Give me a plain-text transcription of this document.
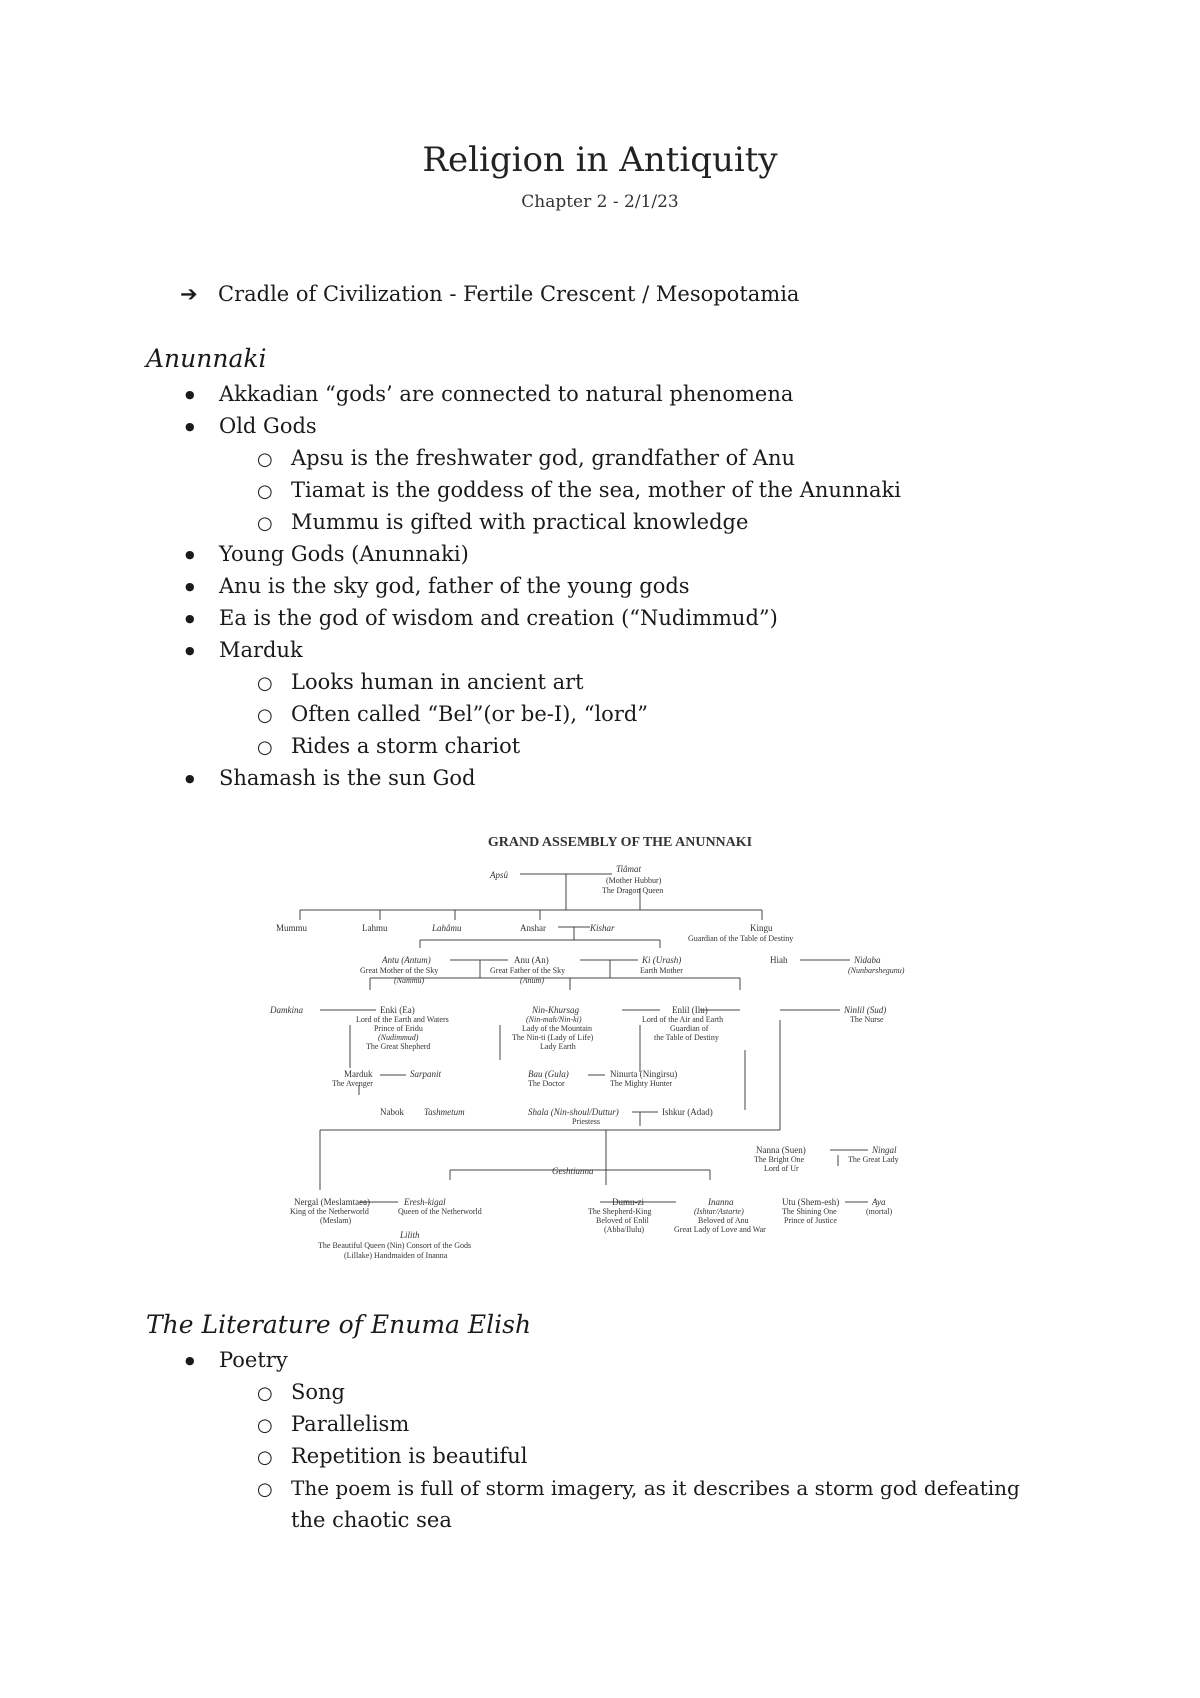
Religion in Antiquity
Chapter 2 - 2/1/23
➔ Cradle of Civilization - Fertile Crescent / Mesopotamia
Anunnaki
●Akkadian “gods’ are connected to natural phenomena
●Old Gods
○Apsu is the freshwater god, grandfather of Anu
○Tiamat is the goddess of the sea, mother of the Anunnaki
○Mummu is gifted with practical knowledge
●Young Gods (Anunnaki)
●Anu is the sky god, father of the young gods
●Ea is the god of wisdom and creation (“Nudimmud”)
●Marduk
○Looks human in ancient art
○Often called “Bel”(or be-I), “lord”
○Rides a storm chariot
●Shamash is the sun God
GRAND ASSEMBLY OF THE ANUNNAKI
Apsû
Tiâmat
(Mother Hubbur)
The Dragon Queen
Mummu	Lahmu	Lahâmu	Anshar	Kishar	Kingu
Guardian of the Table of Destiny
Antu (Antum)
Great Mother of the Sky
(Nammu)
Anu (An)
Great Father of the Sky
(Anum)
Ki (Urash)
Earth Mother
Hiah	Nidaba
(Nunbarshegunu)
Damkina	Enki (Ea)
Lord of the Earth and Waters
Prince of Eridu
(Nudimmud)
The Great Shepherd
Nin-Khursag
(Nin-mah/Nin-ki)
Lady of the Mountain
The Nin-ti (Lady of Life)
Lady Earth
Enlil (Ilu)
Lord of the Air and Earth
Guardian of
the Table of Destiny
Ninlil (Sud)
The Nurse
Marduk
The Avenger
Sarpanit	Bau (Gula)
The Doctor
Ninurta (Ningirsu)
The Mighty Hunter
Nabok Tashmetum	Shala (Nin-shoul/Duttur)
Priestess
Ishkur (Adad)
Nanna (Suen)
The Bright One
Lord of Ur
Ningal
The Great Lady
Geshtianna
Nergal (Meslamtaea)
King of the Netherworld
(Meslam)
Eresh-kigal
Queen of the Netherworld
Lilith
The Beautiful Queen (Nin) Consort of the Gods
(Lillake) Handmaiden of Inanna
Dumu-zi
The Shepherd-King
Beloved of Enlil
(Abba/Ilulu)
Inanna
(Ishtar/Astarte)
Beloved of Anu
Great Lady of Love and War
Utu (Shem-esh)
The Shining One
Prince of Justice
Aya
(mortal)
The Literature of Enuma Elish
●Poetry
○Song
○Parallelism
○Repetition is beautiful
○The poem is full of storm imagery, as it describes a storm god defeating
the chaotic sea
